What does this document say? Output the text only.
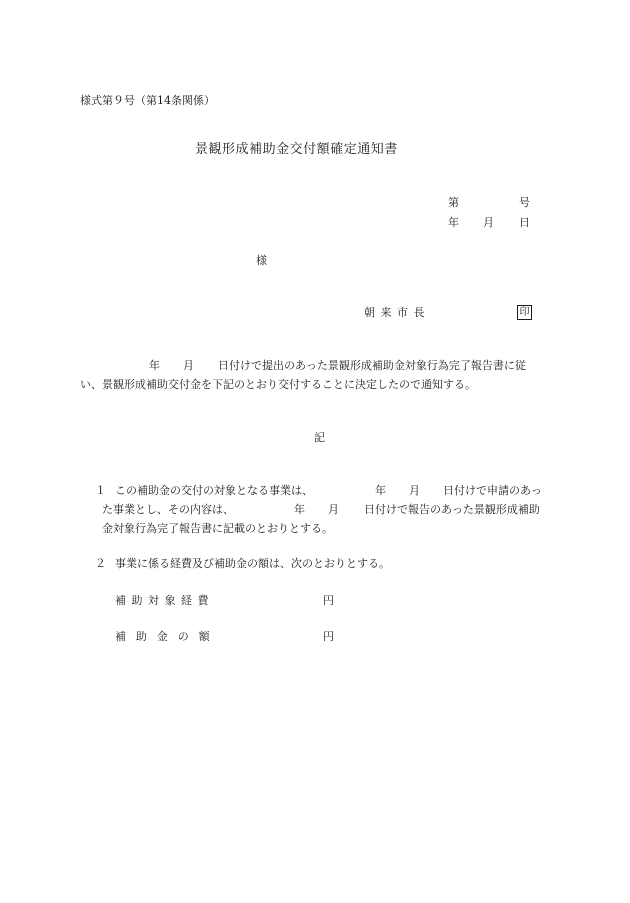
様式第９号（第14条関係）
景観形成補助金交付額確定通知書
第	号
年 月 日
様
朝来市長	印
年 月 日付けで提出のあった景観形成補助金対象行為完了報告書に従
い、景観形成補助交付金を下記のとおり交付することに決定したので通知する。
記
１ この補助金の交付の対象となる事業は、	年 月 日付けで申請のあっ
た事業とし、その内容は、	年 月 日付けで報告のあった景観形成補助
金対象行為完了報告書に記載のとおりとする。
２ 事業に係る経費及び補助金の額は、次のとおりとする。
補助対象経費	円
補助金の額	円
